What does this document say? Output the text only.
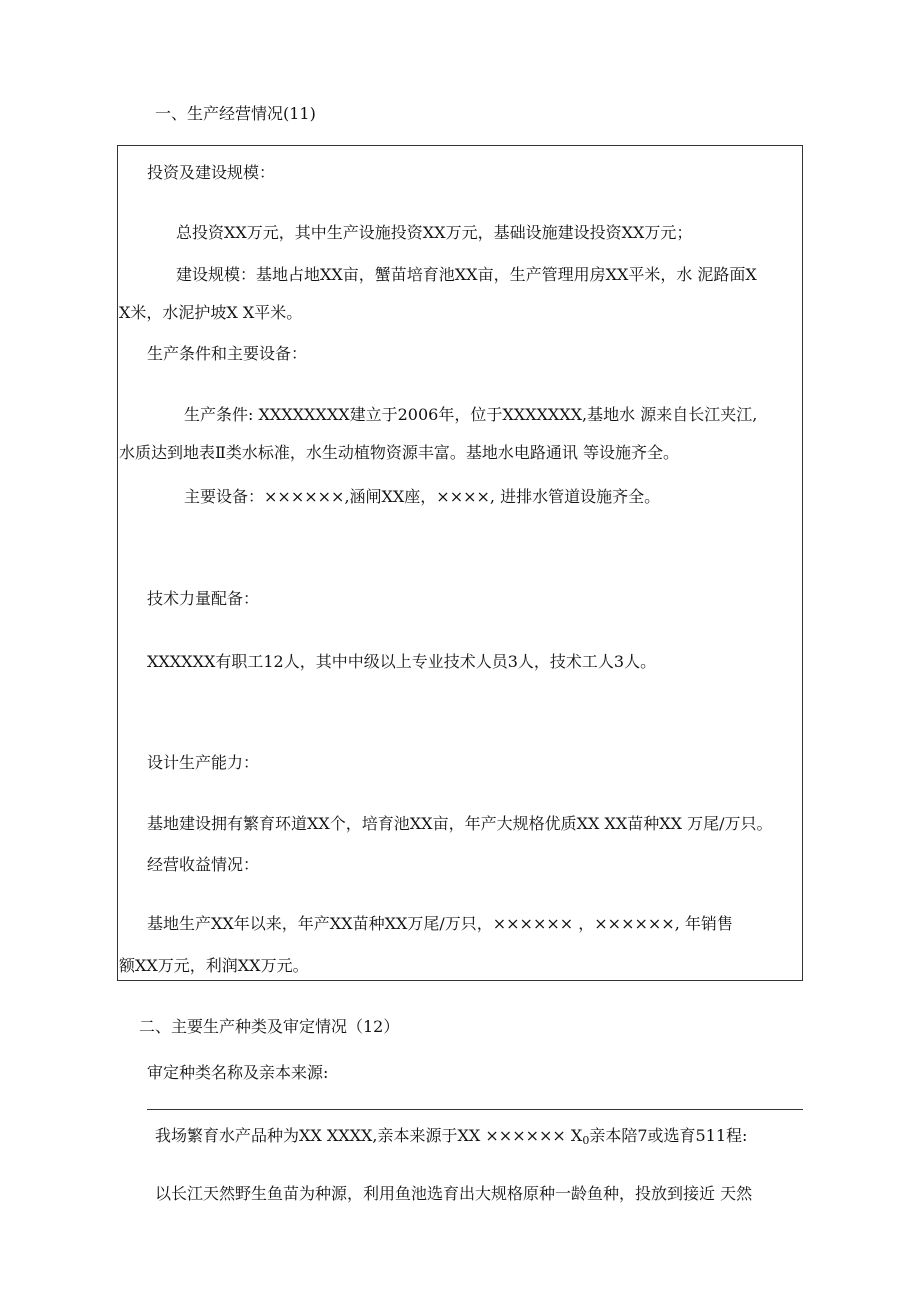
一、生产经营情况(11)
投资及建设规模：
总投资XX万元，其中生产设施投资XX万元，基础设施建设投资XX万元；
建设规模：基地占地XX亩，蟹苗培育池XX亩，生产管理用房XX平米，水 泥路面X
X米，水泥护坡X X平米。
生产条件和主要设备：
生产条件: XXXXXXXX建立于2006年，位于XXXXXXX,基地水 源来自长江夹江,
水质达到地表Ⅱ类水标准，水生动植物资源丰富。基地水电路通讯 等设施齐全。
主要设备：××××××,涵闸XX座，××××, 进排水管道设施齐全。
技术力量配备：
XXXXXX有职工12人，其中中级以上专业技术人员3人，技术工人3人。
设计生产能力：
基地建设拥有繁育环道XX个，培育池XX亩，年产大规格优质XX XX苗种XX 万尾/万只。
经营收益情况：
基地生产XX年以来，年产XX苗种XX万尾/万只，×××××× ，××××××, 年销售
额XX万元，利润XX万元。
二、主要生产种类及审定情况（12）
审定种类名称及亲本来源:
我场繁育水产品种为XX XXXX,亲本来源于XX ×××××× $X_0$亲本陪7或选育511程:
以长江天然野生鱼苗为种源，利用鱼池选育出大规格原种一龄鱼种，投放到接近 天然
